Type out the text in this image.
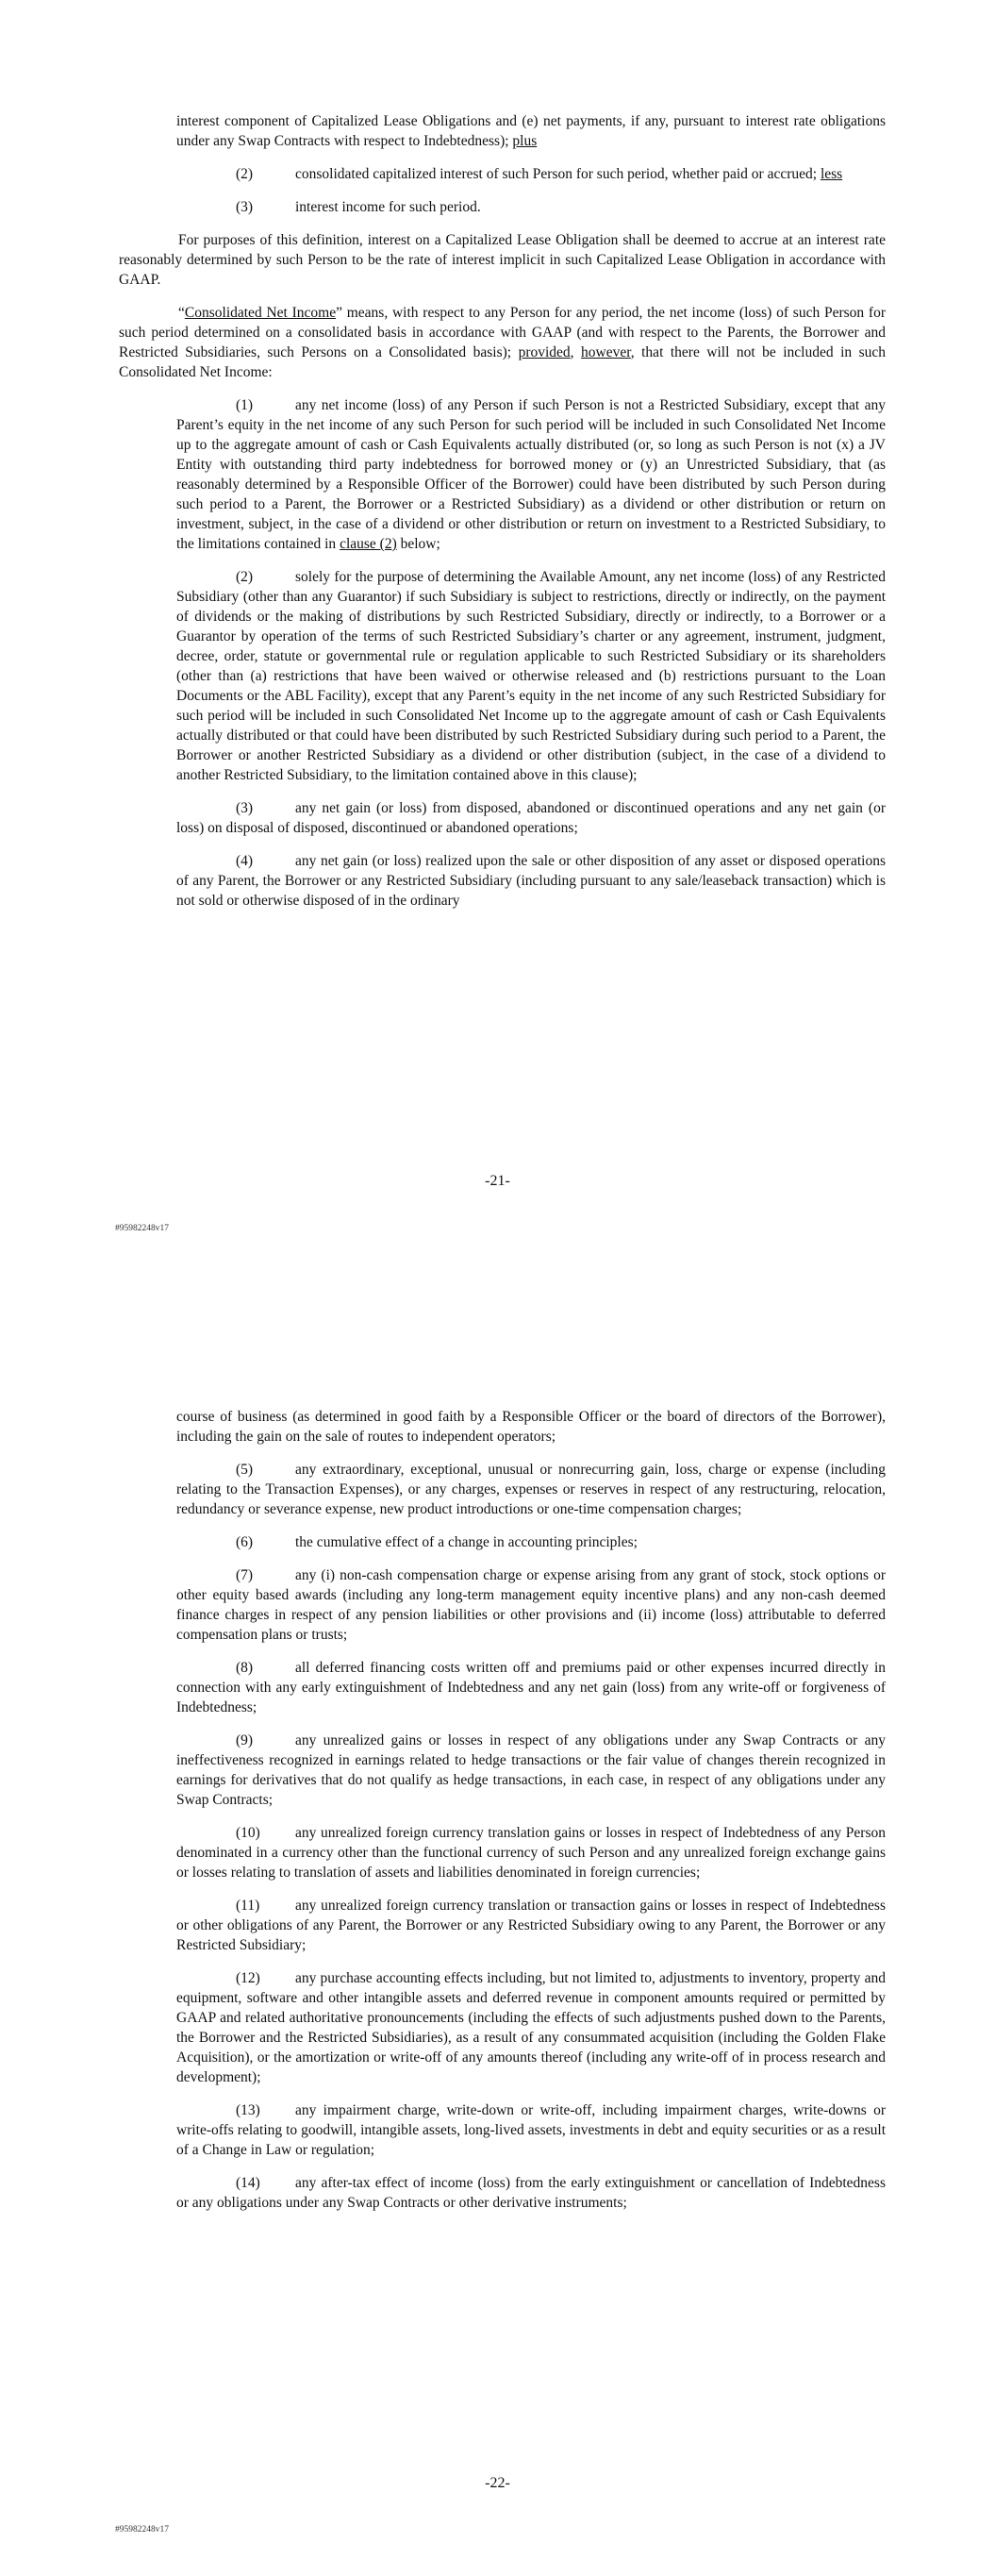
interest component of Capitalized Lease Obligations and (e) net payments, if any, pursuant to interest rate obligations under any Swap Contracts with respect to Indebtedness); plus

(2)	consolidated capitalized interest of such Person for such period, whether paid or accrued; less

(3)	interest income for such period.

For purposes of this definition, interest on a Capitalized Lease Obligation shall be deemed to accrue at an interest rate reasonably determined by such Person to be the rate of interest implicit in such Capitalized Lease Obligation in accordance with GAAP.

“Consolidated Net Income” means, with respect to any Person for any period, the net income (loss) of such Person for such period determined on a consolidated basis in accordance with GAAP (and with respect to the Parents, the Borrower and Restricted Subsidiaries, such Persons on a Consolidated basis); provided, however, that there will not be included in such Consolidated Net Income:

(1)	any net income (loss) of any Person if such Person is not a Restricted Subsidiary, except that any Parent’s equity in the net income of any such Person for such period will be included in such Consolidated Net Income up to the aggregate amount of cash or Cash Equivalents actually distributed (or, so long as such Person is not (x) a JV Entity with outstanding third party indebtedness for borrowed money or (y) an Unrestricted Subsidiary, that (as reasonably determined by a Responsible Officer of the Borrower) could have been distributed by such Person during such period to a Parent, the Borrower or a Restricted Subsidiary) as a dividend or other distribution or return on investment, subject, in the case of a dividend or other distribution or return on investment to a Restricted Subsidiary, to the limitations contained in clause (2) below;

(2)	solely for the purpose of determining the Available Amount, any net income (loss) of any Restricted Subsidiary (other than any Guarantor) if such Subsidiary is subject to restrictions, directly or indirectly, on the payment of dividends or the making of distributions by such Restricted Subsidiary, directly or indirectly, to a Borrower or a Guarantor by operation of the terms of such Restricted Subsidiary’s charter or any agreement, instrument, judgment, decree, order, statute or governmental rule or regulation applicable to such Restricted Subsidiary or its shareholders (other than (a) restrictions that have been waived or otherwise released and (b) restrictions pursuant to the Loan Documents or the ABL Facility), except that any Parent’s equity in the net income of any such Restricted Subsidiary for such period will be included in such Consolidated Net Income up to the aggregate amount of cash or Cash Equivalents actually distributed or that could have been distributed by such Restricted Subsidiary during such period to a Parent, the Borrower or another Restricted Subsidiary as a dividend or other distribution (subject, in the case of a dividend to another Restricted Subsidiary, to the limitation contained above in this clause);

(3)	any net gain (or loss) from disposed, abandoned or discontinued operations and any net gain (or loss) on disposal of disposed, discontinued or abandoned operations;

(4)	any net gain (or loss) realized upon the sale or other disposition of any asset or disposed operations of any Parent, the Borrower or any Restricted Subsidiary (including pursuant to any sale/leaseback transaction) which is not sold or otherwise disposed of in the ordinary

-21-
#95982248v17

course of business (as determined in good faith by a Responsible Officer or the board of directors of the Borrower), including the gain on the sale of routes to independent operators;

(5)	any extraordinary, exceptional, unusual or nonrecurring gain, loss, charge or expense (including relating to the Transaction Expenses), or any charges, expenses or reserves in respect of any restructuring, relocation, redundancy or severance expense, new product introductions or one-time compensation charges;

(6)	the cumulative effect of a change in accounting principles;

(7)	any (i) non-cash compensation charge or expense arising from any grant of stock, stock options or other equity based awards (including any long-term management equity incentive plans) and any non-cash deemed finance charges in respect of any pension liabilities or other provisions and (ii) income (loss) attributable to deferred compensation plans or trusts;

(8)	all deferred financing costs written off and premiums paid or other expenses incurred directly in connection with any early extinguishment of Indebtedness and any net gain (loss) from any write-off or forgiveness of Indebtedness;

(9)	any unrealized gains or losses in respect of any obligations under any Swap Contracts or any ineffectiveness recognized in earnings related to hedge transactions or the fair value of changes therein recognized in earnings for derivatives that do not qualify as hedge transactions, in each case, in respect of any obligations under any Swap Contracts;

(10) any unrealized foreign currency translation gains or losses in respect of Indebtedness of any Person denominated in a currency other than the functional currency of such Person and any unrealized foreign exchange gains or losses relating to translation of assets and liabilities denominated in foreign currencies;

(11) any unrealized foreign currency translation or transaction gains or losses in respect of Indebtedness or other obligations of any Parent, the Borrower or any Restricted Subsidiary owing to any Parent, the Borrower or any Restricted Subsidiary;

(12) any purchase accounting effects including, but not limited to, adjustments to inventory, property and equipment, software and other intangible assets and deferred revenue in component amounts required or permitted by GAAP and related authoritative pronouncements (including the effects of such adjustments pushed down to the Parents, the Borrower and the Restricted Subsidiaries), as a result of any consummated acquisition (including the Golden Flake Acquisition), or the amortization or write-off of any amounts thereof (including any write-off of in process research and development);

(13) any impairment charge, write-down or write-off, including impairment charges, write-downs or write-offs relating to goodwill, intangible assets, long-lived assets, investments in debt and equity securities or as a result of a Change in Law or regulation;

(14) any after-tax effect of income (loss) from the early extinguishment or cancellation of Indebtedness or any obligations under any Swap Contracts or other derivative instruments;

-22-
#95982248v17
